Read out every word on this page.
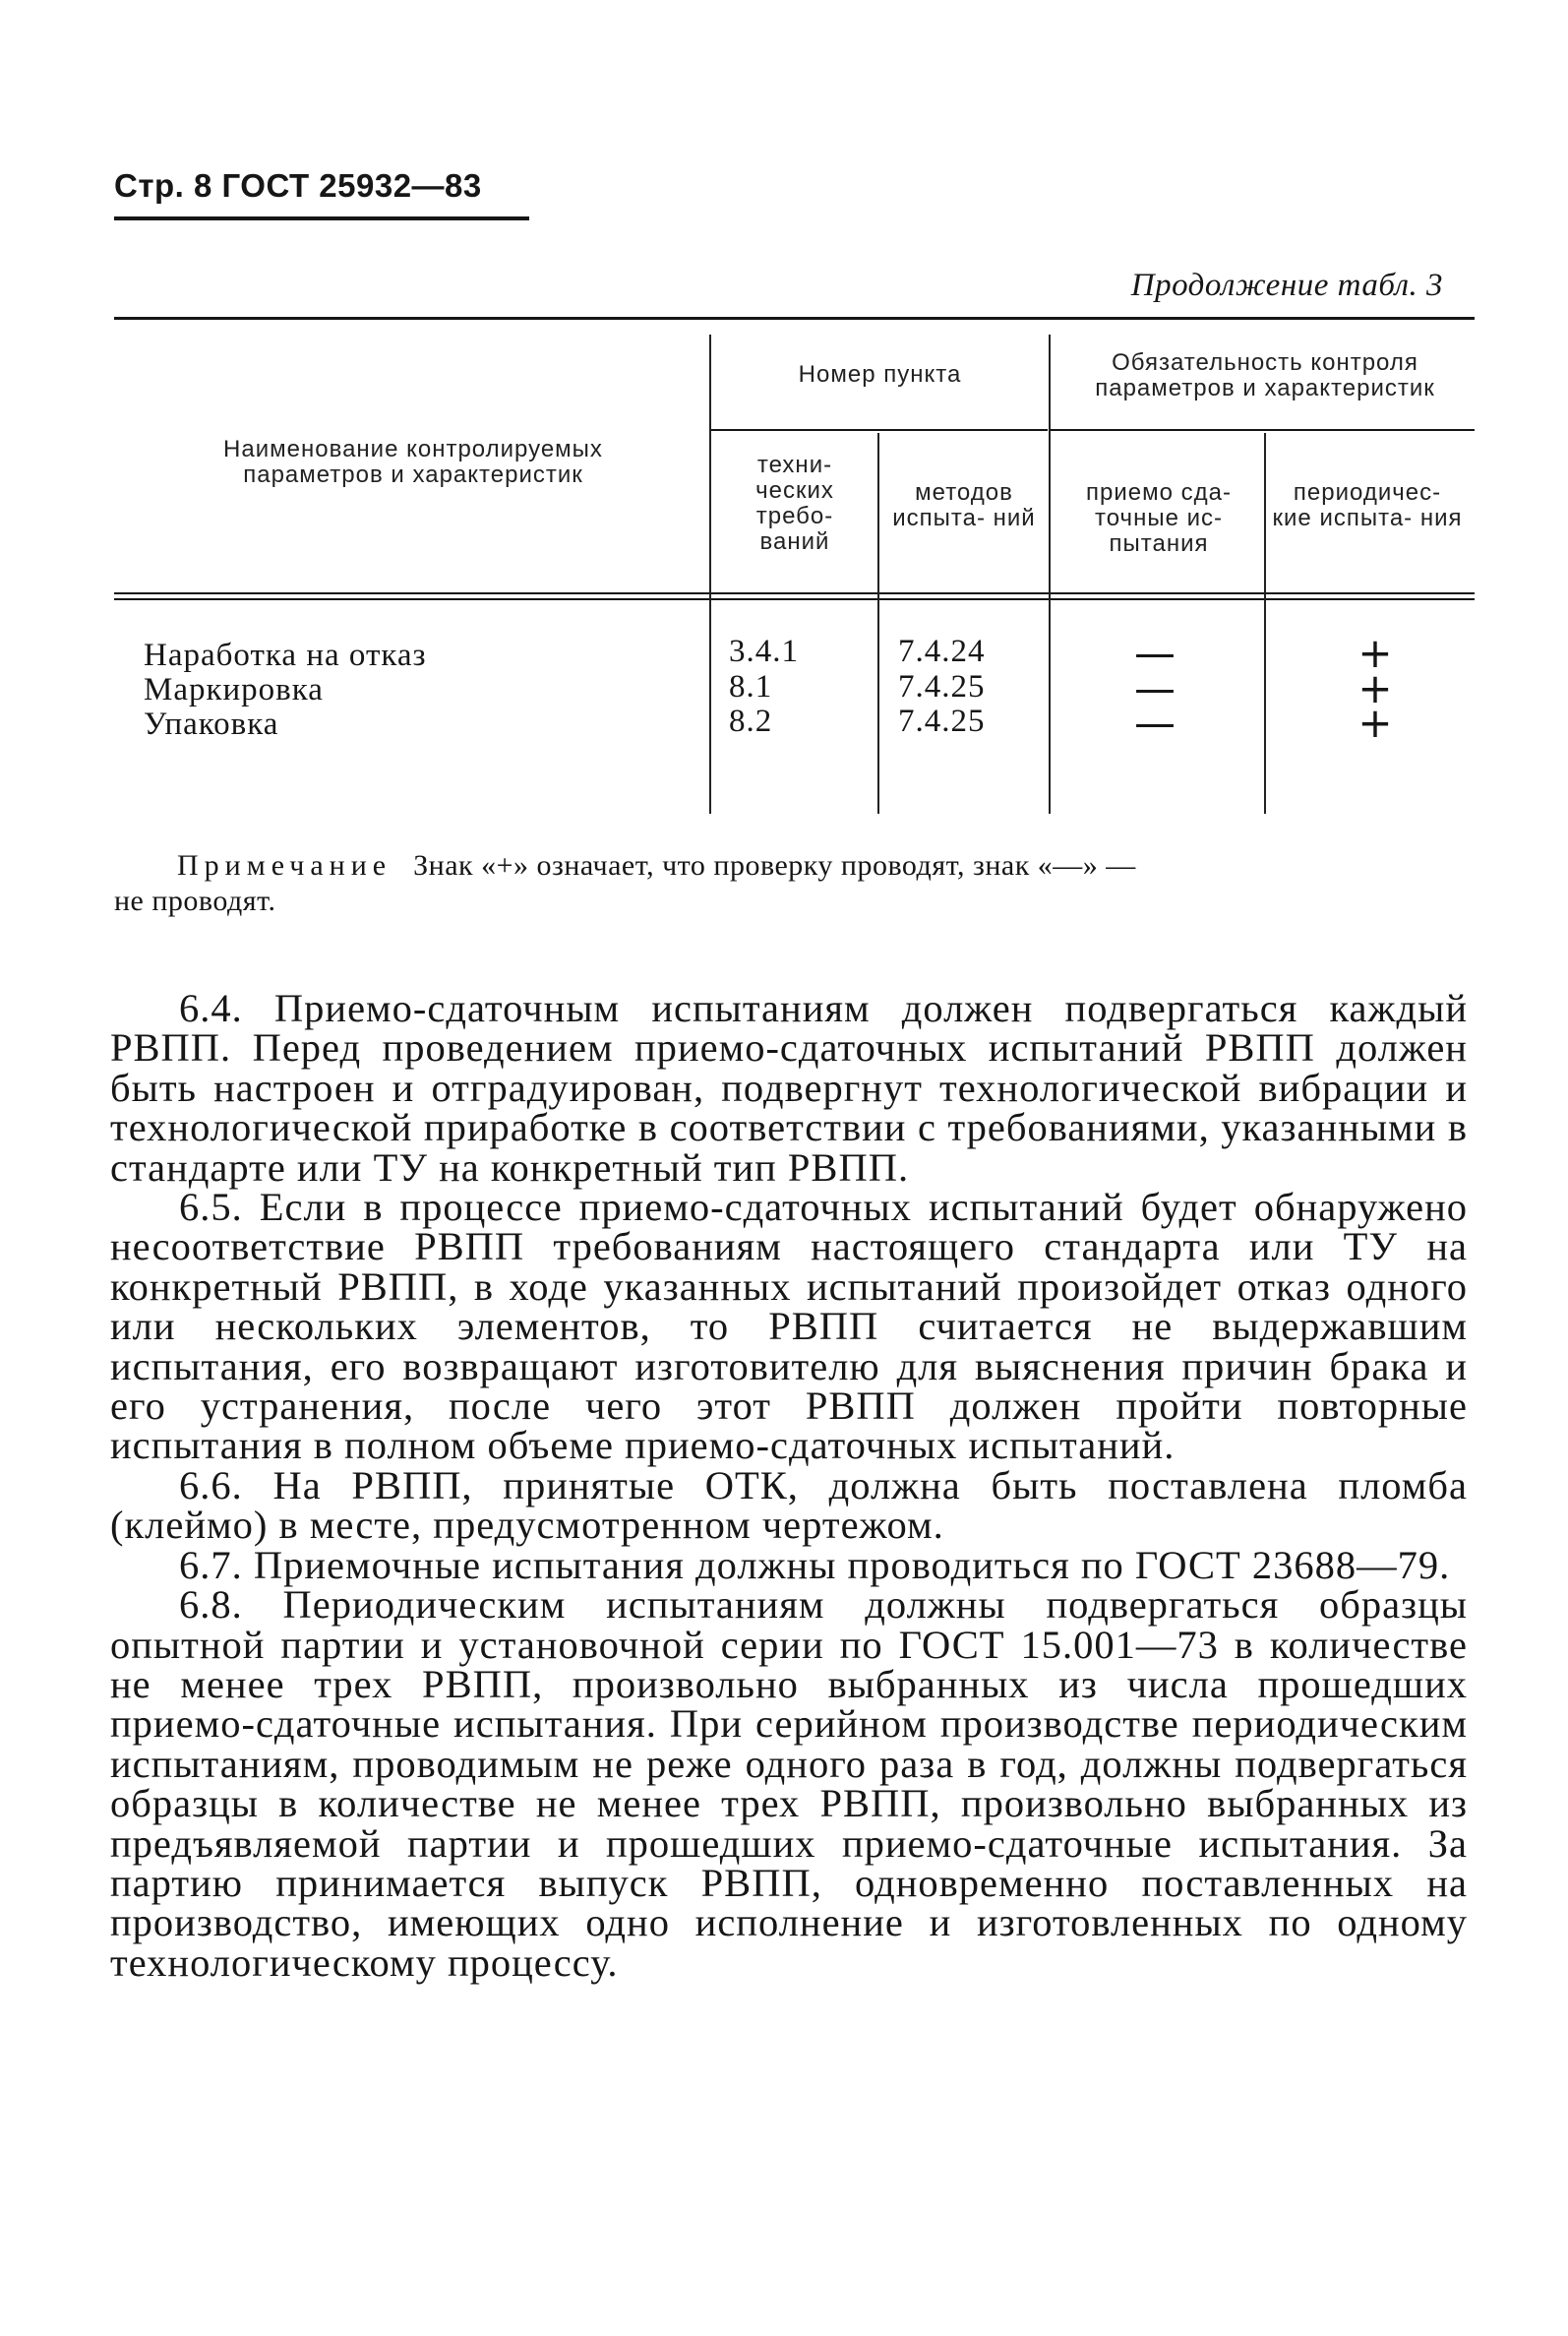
Стр. 8 ГОСТ 25932—83
Продолжение табл. 3
Наименование контролируемых параметров и характеристик
Номер пункта
техни- ческих требо- ваний
методов испыта- ний
Обязательность контроля параметров и характеристик
приемо сда- точные ис- пытания
периодичес- кие испыта- ния
Наработка на отказ	3.4.1	7.4.24	—	+
Маркировка	8.1	7.4.25	—	+
Упаковка	8.2	7.4.25	—	+
Примечание Знак «+» означает, что проверку проводят, знак «—» —
не проводят.

6.4. Приемо-сдаточным испытаниям должен подвергаться каждый РВПП. Перед проведением приемо-сдаточных испытаний РВПП должен быть настроен и отградуирован, подвергнут технологической вибрации и технологической приработке в соответствии с требованиями, указанными в стандарте или ТУ на конкретный тип РВПП.

6.5. Если в процессе приемо-сдаточных испытаний будет обнаружено несоответствие РВПП требованиям настоящего стандарта или ТУ на конкретный РВПП, в ходе указанных испытаний произойдет отказ одного или нескольких элементов, то РВПП считается не выдержавшим испытания, его возвращают изготовителю для выяснения причин брака и его устранения, после чего этот РВПП должен пройти повторные испытания в полном объеме приемо-сдаточных испытаний.

6.6. На РВПП, принятые ОТК, должна быть поставлена пломба (клеймо) в месте, предусмотренном чертежом.

6.7. Приемочные испытания должны проводиться по ГОСТ 23688—79.

6.8. Периодическим испытаниям должны подвергаться образцы опытной партии и установочной серии по ГОСТ 15.001—73 в количестве не менее трех РВПП, произвольно выбранных из числа прошедших приемо-сдаточные испытания. При серийном производстве периодическим испытаниям, проводимым не реже одного раза в год, должны подвергаться образцы в количестве не менее трех РВПП, произвольно выбранных из предъявляемой партии и прошедших приемо-сдаточные испытания. За партию принимается выпуск РВПП, одновременно поставленных на производство, имеющих одно исполнение и изготовленных по одному технологическому процессу.
